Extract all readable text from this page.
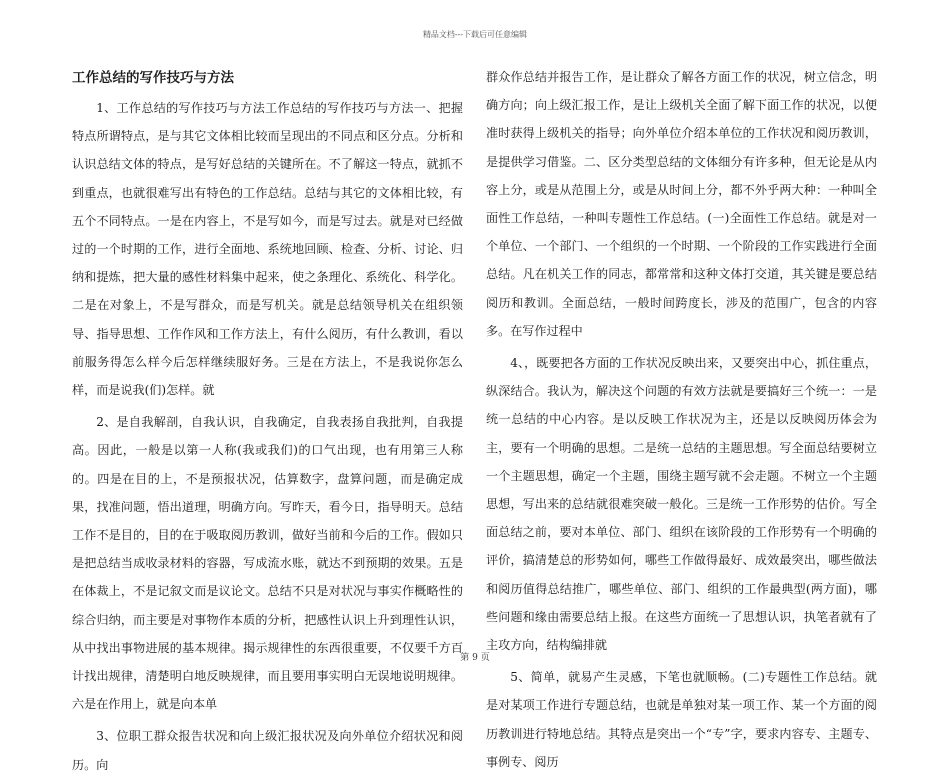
精品文档---下载后可任意编辑
工作总结的写作技巧与方法

1、工作总结的写作技巧与方法工作总结的写作技巧与方法一、把握特点所谓特点，是与其它文体相比较而呈现出的不同点和区分点。分析和认识总结文体的特点，是写好总结的关键所在。不了解这一特点，就抓不到重点，也就很难写出有特色的工作总结。总结与其它的文体相比较，有五个不同特点。一是在内容上，不是写如今，而是写过去。就是对已经做过的一个时期的工作，进行全面地、系统地回顾、检查、分析、讨论、归纳和提炼，把大量的感性材料集中起来，使之条理化、系统化、科学化。二是在对象上，不是写群众，而是写机关。就是总结领导机关在组织领导、指导思想、工作作风和工作方法上，有什么阅历，有什么教训，看以前服务得怎么样今后怎样继续服好务。三是在方法上，不是我说你怎么样，而是说我(们)怎样。就

2、是自我解剖，自我认识，自我确定，自我表扬自我批判，自我提高。因此，一般是以第一人称(我或我们)的口气出现，也有用第三人称的。四是在目的上，不是预报状况，估算数字，盘算问题，而是确定成果，找准问题，悟出道理，明确方向。写昨天，看今日，指导明天。总结工作不是目的，目的在于吸取阅历教训，做好当前和今后的工作。假如只是把总结当成收录材料的容器，写成流水账，就达不到预期的效果。五是在体裁上，不是记叙文而是议论文。总结不只是对状况与事实作概略性的综合归纳，而主要是对事物作本质的分析，把感性认识上升到理性认识，从中找出事物进展的基本规律。揭示规律性的东西很重要，不仅要千方百计找出规律，清楚明白地反映规律，而且要用事实明白无误地说明规律。六是在作用上，就是向本单

3、位职工群众报告状况和向上级汇报状况及向外单位介绍状况和阅历。向

群众作总结并报告工作，是让群众了解各方面工作的状况，树立信念，明确方向；向上级汇报工作，是让上级机关全面了解下面工作的状况，以便准时获得上级机关的指导；向外单位介绍本单位的工作状况和阅历教训，是提供学习借鉴。二、区分类型总结的文体细分有许多种，但无论是从内容上分，或是从范围上分，或是从时间上分，都不外乎两大种：一种叫全面性工作总结，一种叫专题性工作总结。(一)全面性工作总结。就是对一个单位、一个部门、一个组织的一个时期、一个阶段的工作实践进行全面总结。凡在机关工作的同志，都常常和这种文体打交道，其关键是要总结阅历和教训。全面总结，一般时间跨度长，涉及的范围广，包含的内容多。在写作过程中

4、，既要把各方面的工作状况反映出来，又要突出中心，抓住重点，纵深结合。我认为，解决这个问题的有效方法就是要搞好三个统一：一是统一总结的中心内容。是以反映工作状况为主，还是以反映阅历体会为主，要有一个明确的思想。二是统一总结的主题思想。写全面总结要树立一个主题思想，确定一个主题，围绕主题写就不会走题。不树立一个主题思想，写出来的总结就很难突破一般化。三是统一工作形势的估价。写全面总结之前，要对本单位、部门、组织在该阶段的工作形势有一个明确的评价，搞清楚总的形势如何，哪些工作做得最好、成效最突出，哪些做法和阅历值得总结推广，哪些单位、部门、组织的工作最典型(两方面)，哪些问题和缘由需要总结上报。在这些方面统一了思想认识，执笔者就有了主攻方向，结构编排就

5、简单，就易产生灵感，下笔也就顺畅。(二)专题性工作总结。就是对某项工作进行专题总结，也就是单独对某一项工作、某一个方面的阅历教训进行特地总结。其特点是突出一个“专”字，要求内容专、主题专、事例专、阅历

第 9 页
